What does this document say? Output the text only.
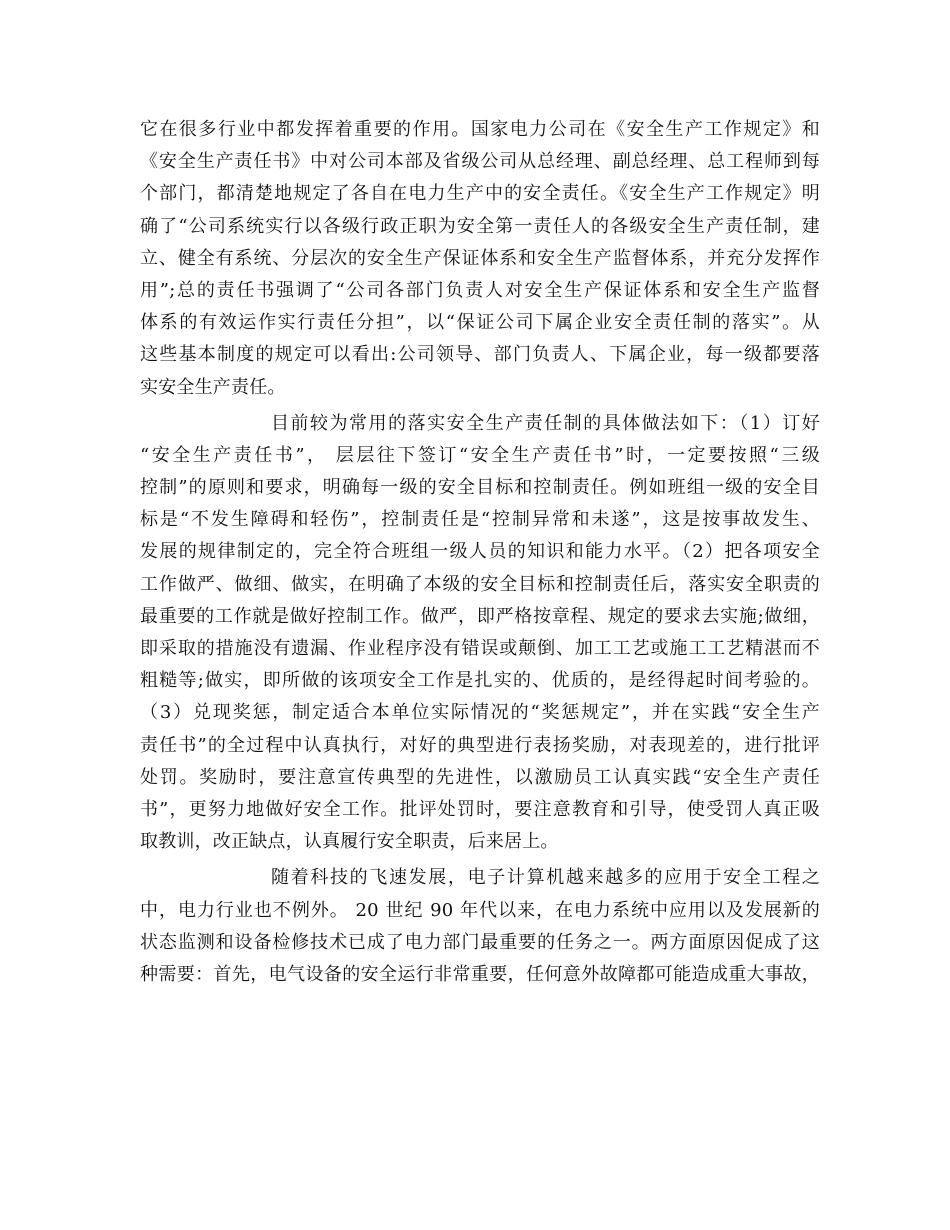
它在很多行业中都发挥着重要的作用。国家电力公司在《安全生产工作规定》和
《安全生产责任书》中对公司本部及省级公司从总经理、副总经理、总工程师到每
个部门，都清楚地规定了各自在电力生产中的安全责任。《安全生产工作规定》明
确了“公司系统实行以各级行政正职为安全第一责任人的各级安全生产责任制，建
立、健全有系统、分层次的安全生产保证体系和安全生产监督体系，并充分发挥作
用”;总的责任书强调了“公司各部门负责人对安全生产保证体系和安全生产监督
体系的有效运作实行责任分担”，以“保证公司下属企业安全责任制的落实”。从
这些基本制度的规定可以看出:公司领导、部门负责人、下属企业，每一级都要落
实安全生产责任。
目前较为常用的落实安全生产责任制的具体做法如下：（1）订好
“安全生产责任书”， 层层往下签订“安全生产责任书”时，一定要按照“三级
控制”的原则和要求，明确每一级的安全目标和控制责任。例如班组一级的安全目
标是“不发生障碍和轻伤”，控制责任是“控制异常和未遂”，这是按事故发生、
发展的规律制定的，完全符合班组一级人员的知识和能力水平。（2）把各项安全
工作做严、做细、做实，在明确了本级的安全目标和控制责任后，落实安全职责的
最重要的工作就是做好控制工作。做严，即严格按章程、规定的要求去实施;做细，
即采取的措施没有遗漏、作业程序没有错误或颠倒、加工工艺或施工工艺精湛而不
粗糙等;做实，即所做的该项安全工作是扎实的、优质的，是经得起时间考验的。
（3）兑现奖惩，制定适合本单位实际情况的“奖惩规定”，并在实践“安全生产
责任书”的全过程中认真执行，对好的典型进行表扬奖励，对表现差的，进行批评
处罚。奖励时，要注意宣传典型的先进性，以激励员工认真实践“安全生产责任
书”，更努力地做好安全工作。批评处罚时，要注意教育和引导，使受罚人真正吸
取教训，改正缺点，认真履行安全职责，后来居上。
随着科技的飞速发展，电子计算机越来越多的应用于安全工程之
中，电力行业也不例外。 20 世纪 90 年代以来，在电力系统中应用以及发展新的
状态监测和设备检修技术已成了电力部门最重要的任务之一。两方面原因促成了这
种需要：首先，电气设备的安全运行非常重要，任何意外故障都可能造成重大事故，
